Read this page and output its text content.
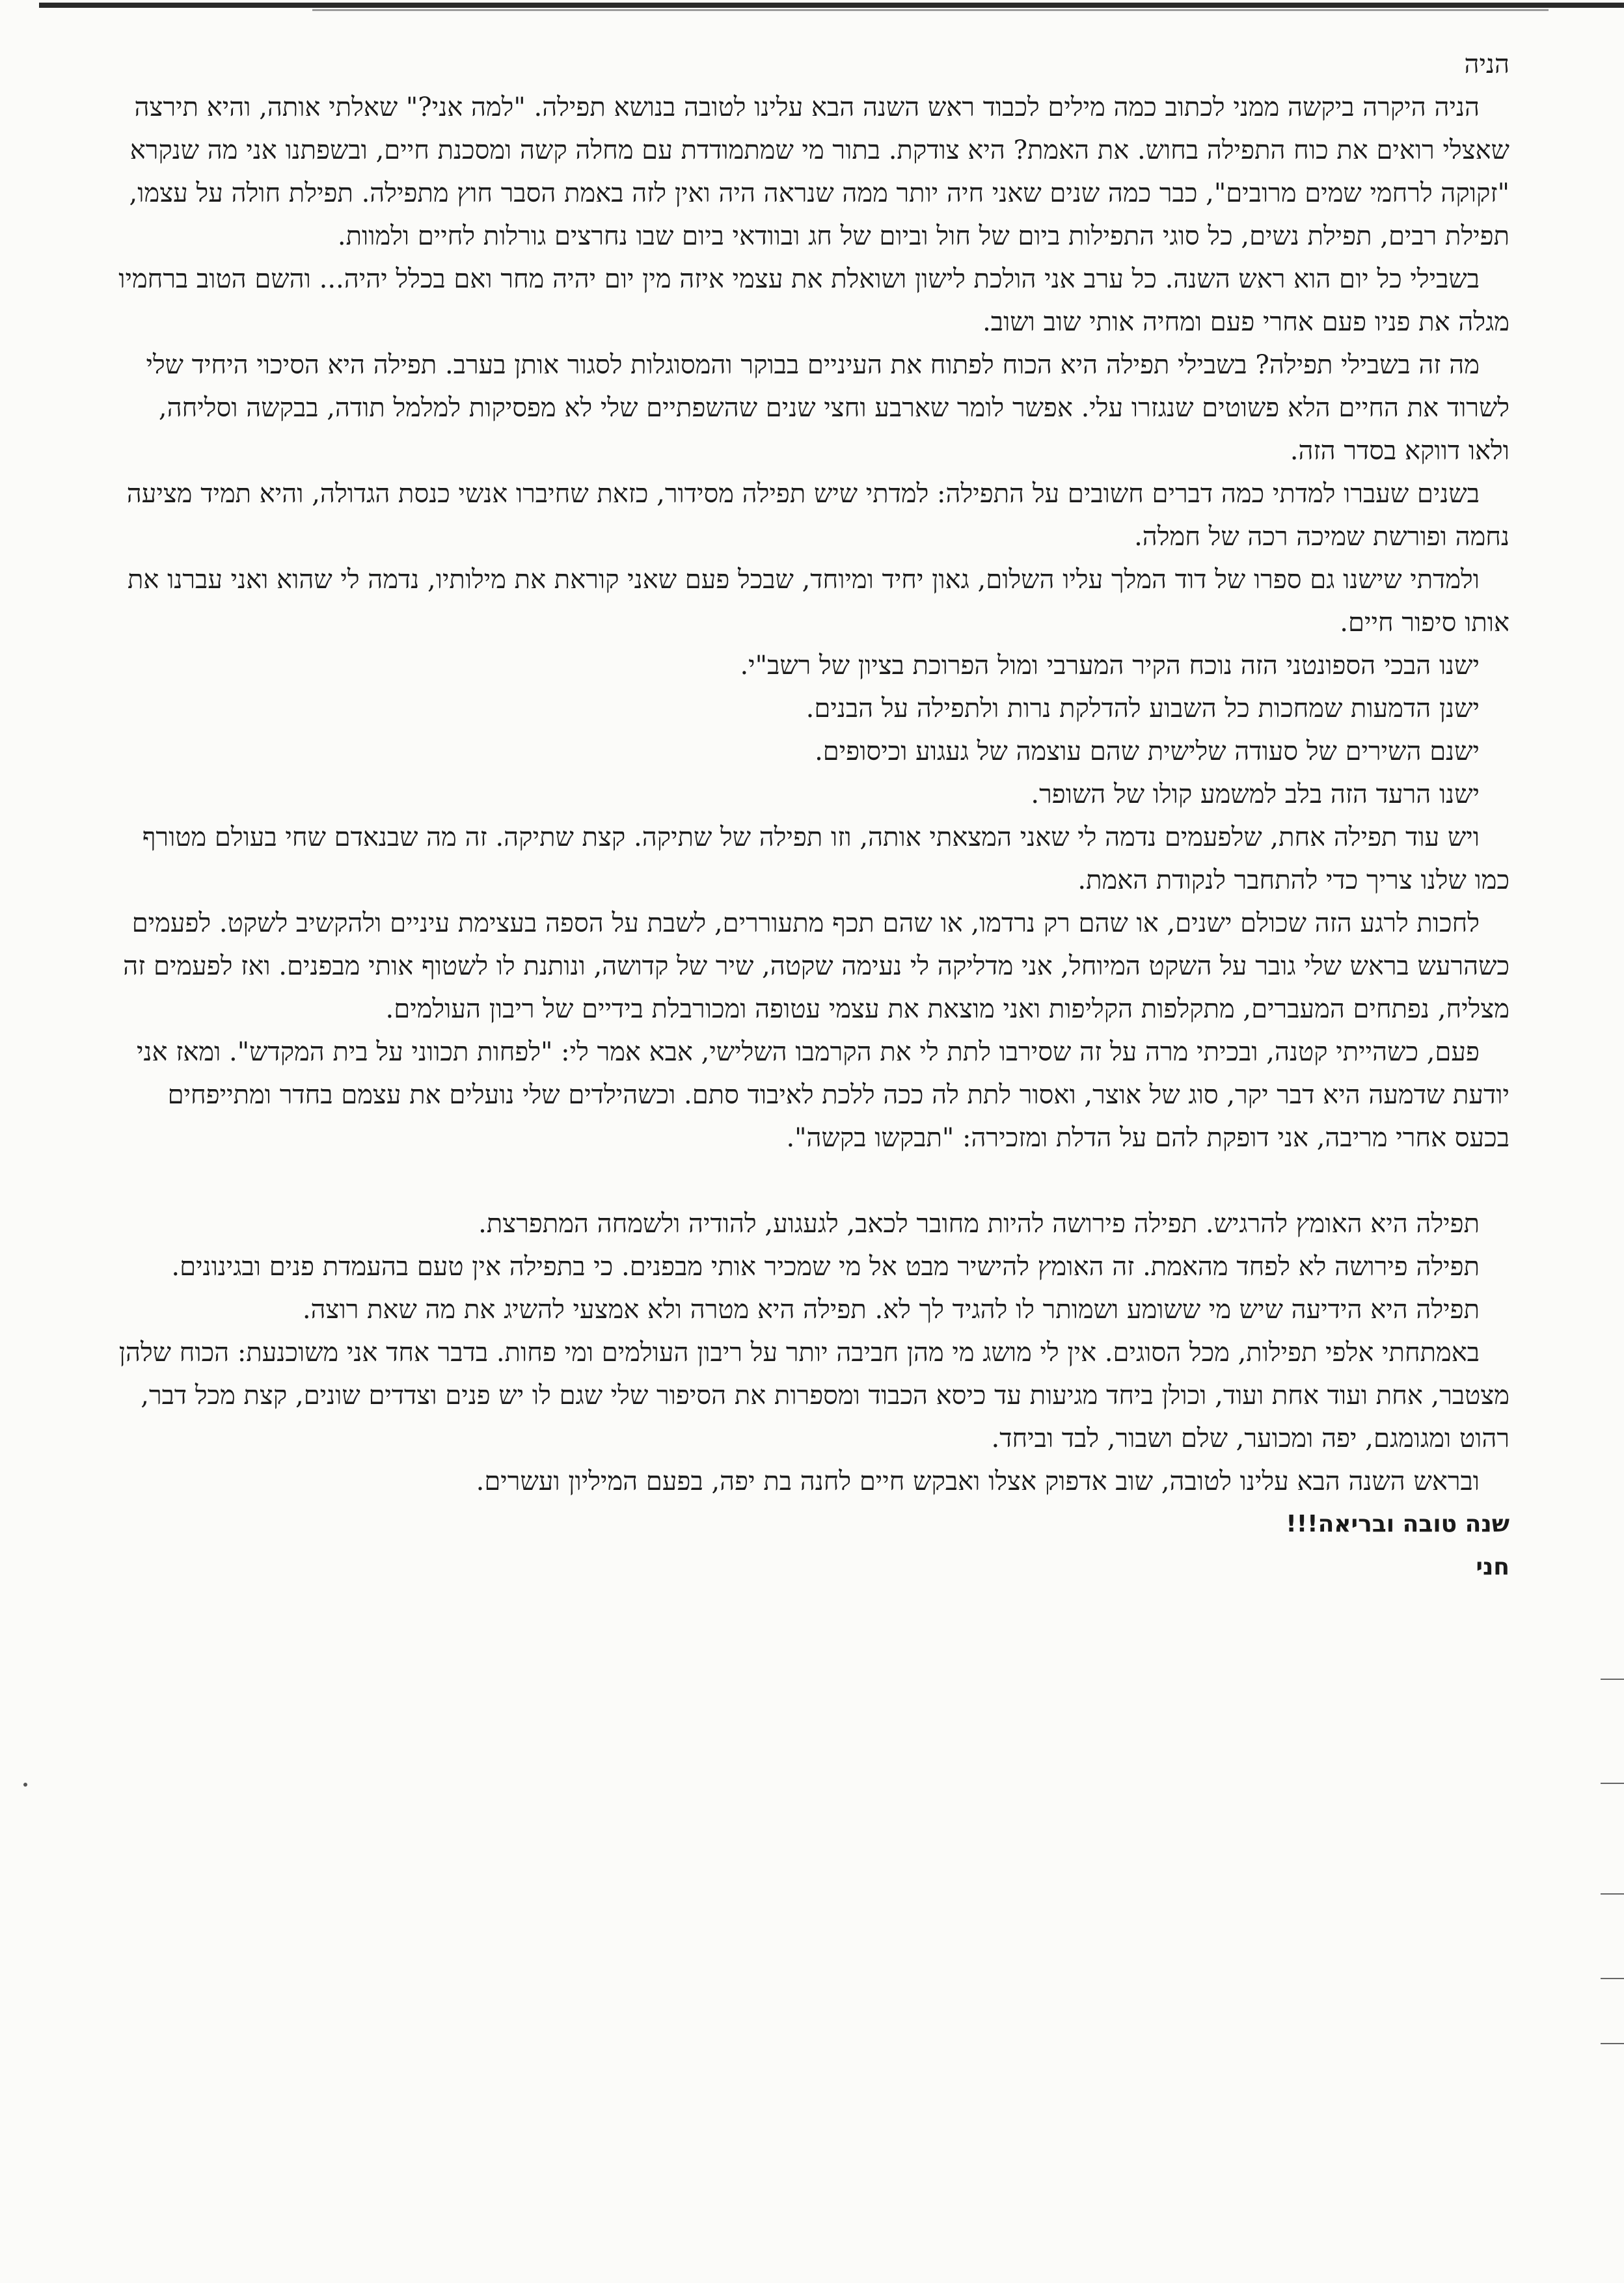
הניה

הניה היקרה ביקשה ממני לכתוב כמה מילים לכבוד ראש השנה הבא עלינו לטובה בנושא תפילה. "למה אני?" שאלתי אותה, והיא תירצה שאצלי רואים את כוח התפילה בחוש. את האמת? היא צודקת. בתור מי שמתמודדת עם מחלה קשה ומסכנת חיים, ובשפתנו אני מה שנקרא "זקוקה לרחמי שמים מרובים", כבר כמה שנים שאני חיה יותר ממה שנראה היה ואין לזה באמת הסבר חוץ מתפילה. תפילת חולה על עצמו, תפילת רבים, תפילת נשים, כל סוגי התפילות ביום של חול וביום של חג ובוודאי ביום שבו נחרצים גורלות לחיים ולמוות.

בשבילי כל יום הוא ראש השנה. כל ערב אני הולכת לישון ושואלת את עצמי איזה מין יום יהיה מחר ואם בכלל יהיה... והשם הטוב ברחמיו מגלה את פניו פעם אחרי פעם ומחיה אותי שוב ושוב.

מה זה בשבילי תפילה? בשבילי תפילה היא הכוח לפתוח את העיניים בבוקר והמסוגלות לסגור אותן בערב. תפילה היא הסיכוי היחיד שלי לשרוד את החיים הלא פשוטים שנגזרו עלי. אפשר לומר שארבע וחצי שנים שהשפתיים שלי לא מפסיקות למלמל תודה, בבקשה וסליחה, ולאו דווקא בסדר הזה.

בשנים שעברו למדתי כמה דברים חשובים על התפילה: למדתי שיש תפילה מסידור, כזאת שחיברו אנשי כנסת הגדולה, והיא תמיד מציעה נחמה ופורשת שמיכה רכה של חמלה.

ולמדתי שישנו גם ספרו של דוד המלך עליו השלום, גאון יחיד ומיוחד, שבכל פעם שאני קוראת את מילותיו, נדמה לי שהוא ואני עברנו את אותו סיפור חיים.

ישנו הבכי הספונטני הזה נוכח הקיר המערבי ומול הפרוכת בציון של רשב"י.

ישנן הדמעות שמחכות כל השבוע להדלקת נרות ולתפילה על הבנים.

ישנם השירים של סעודה שלישית שהם עוצמה של געגוע וכיסופים.

ישנו הרעד הזה בלב למשמע קולו של השופר.

ויש עוד תפילה אחת, שלפעמים נדמה לי שאני המצאתי אותה, וזו תפילה של שתיקה. קצת שתיקה. זה מה שבנאדם שחי בעולם מטורף כמו שלנו צריך כדי להתחבר לנקודת האמת.

לחכות לרגע הזה שכולם ישנים, או שהם רק נרדמו, או שהם תכף מתעוררים, לשבת על הספה בעצימת עיניים ולהקשיב לשקט. לפעמים כשהרעש בראש שלי גובר על השקט המיוחל, אני מדליקה לי נעימה שקטה, שיר של קדושה, ונותנת לו לשטוף אותי מבפנים. ואז לפעמים זה מצליח, נפתחים המעברים, מתקלפות הקליפות ואני מוצאת את עצמי עטופה ומכורבלת בידיים של ריבון העולמים.

פעם, כשהייתי קטנה, ובכיתי מרה על זה שסירבו לתת לי את הקרמבו השלישי, אבא אמר לי: "לפחות תכווני על בית המקדש". ומאז אני יודעת שדמעה היא דבר יקר, סוג של אוצר, ואסור לתת לה ככה ללכת לאיבוד סתם. וכשהילדים שלי נועלים את עצמם בחדר ומתייפחים בכעס אחרי מריבה, אני דופקת להם על הדלת ומזכירה: "תבקשו בקשה".

תפילה היא האומץ להרגיש. תפילה פירושה להיות מחובר לכאב, לגעגוע, להודיה ולשמחה המתפרצת.

תפילה פירושה לא לפחד מהאמת. זה האומץ להישיר מבט אל מי שמכיר אותי מבפנים. כי בתפילה אין טעם בהעמדת פנים ובגינונים.

תפילה היא הידיעה שיש מי ששומע ושמותר לו להגיד לך לא. תפילה היא מטרה ולא אמצעי להשיג את מה שאת רוצה.

באמתחתי אלפי תפילות, מכל הסוגים. אין לי מושג מי מהן חביבה יותר על ריבון העולמים ומי פחות. בדבר אחד אני משוכנעת: הכוח שלהן מצטבר, אחת ועוד אחת ועוד, וכולן ביחד מגיעות עד כיסא הכבוד ומספרות את הסיפור שלי שגם לו יש פנים וצדדים שונים, קצת מכל דבר, רהוט ומגומגם, יפה ומכוער, שלם ושבור, לבד וביחד.

ובראש השנה הבא עלינו לטובה, שוב אדפוק אצלו ואבקש חיים לחנה בת יפה, בפעם המיליון ועשרים.

שנה טובה ובריאה!!!

חני
